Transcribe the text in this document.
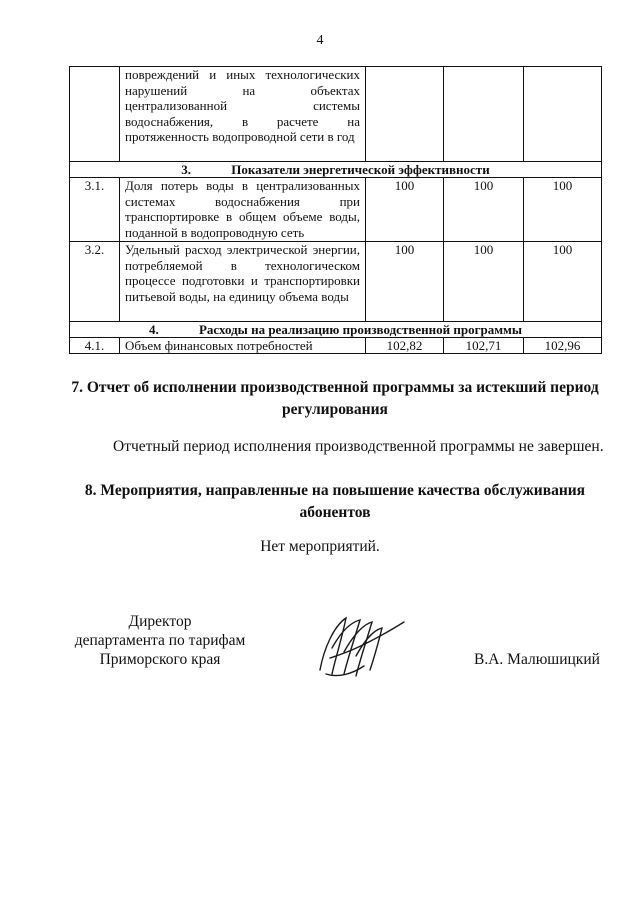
4
	повреждений и иных технологических нарушений на объектах централизованной системы водоснабжения, в расчете на протяженность водопроводной сети в год			
3. Показатели энергетической эффективности				
3.1.	Доля потерь воды в централизованных системах водоснабжения при транспортировке в общем объеме воды, поданной в водопроводную сеть	100	100	100
3.2.	Удельный расход электрической энергии, потребляемой в технологическом процессе подготовки и транспортировки питьевой воды, на единицу объема воды	100	100	100
4. Расходы на реализацию производственной программы				
4.1.	Объем финансовых потребностей	102,82	102,71	102,96
7. Отчет об исполнении производственной программы за истекший период регулирования

Отчетный период исполнения производственной программы не завершен.

8. Мероприятия, направленные на повышение качества обслуживания абонентов

Нет мероприятий.

Директор
департамента по тарифам
Приморского края	В.А. Малюшицкий
